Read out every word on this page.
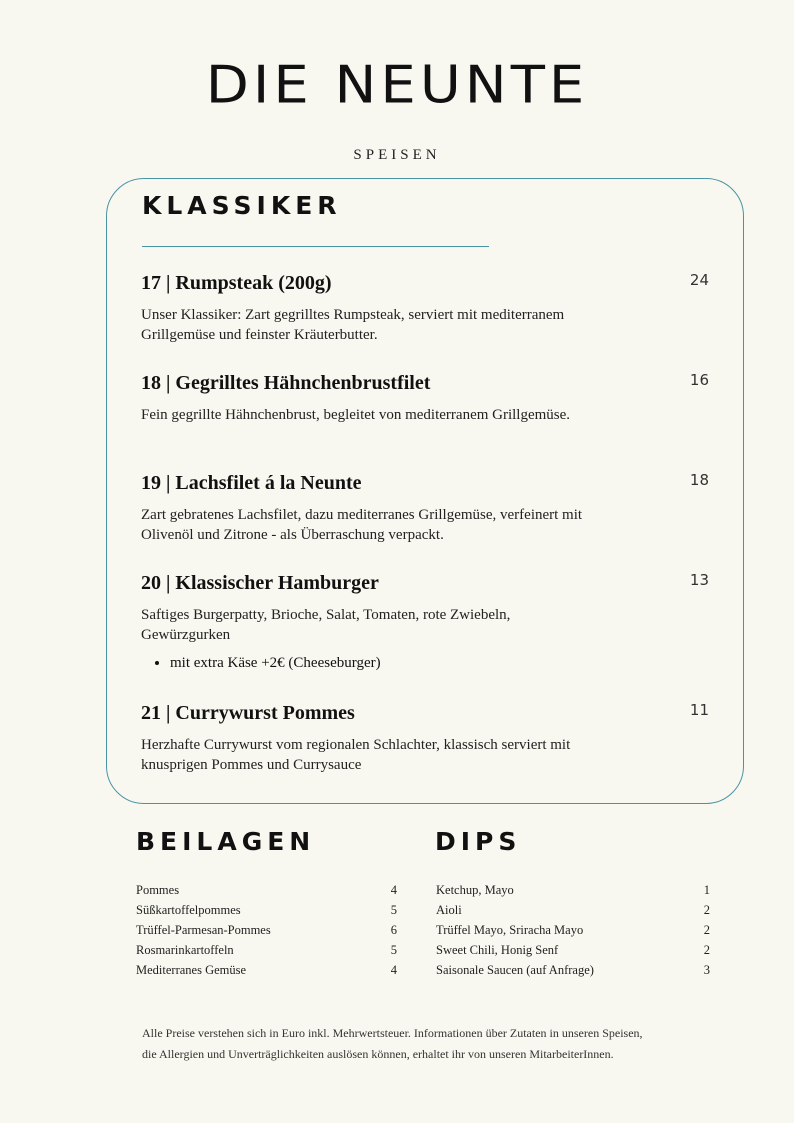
DIE NEUNTE
SPEISEN
KLASSIKER
17 | Rumpsteak (200g)	24

Unser Klassiker: Zart gegrilltes Rumpsteak, serviert mit mediterranem Grillgemüse und feinster Kräuterbutter.

18 | Gegrilltes Hähnchenbrustfilet	16

Fein gegrillte Hähnchenbrust, begleitet von mediterranem Grillgemüse.

19 | Lachsfilet á la Neunte	18

Zart gebratenes Lachsfilet, dazu mediterranes Grillgemüse, verfeinert mit Olivenöl und Zitrone - als Überraschung verpackt.

20 | Klassischer Hamburger	13

Saftiges Burgerpatty, Brioche, Salat, Tomaten, rote Zwiebeln, Gewürzgurken

• mit extra Käse +2€ (Cheeseburger)
21 | Currywurst Pommes	11

Herzhafte Currywurst vom regionalen Schlachter, klassisch serviert mit knusprigen Pommes und Currysauce

BEILAGEN	DIPS
Pommes	4
Süßkartoffelpommes	5
Trüffel-Parmesan-Pommes	6
Rosmarinkartoffeln	5
Mediterranes Gemüse	4
Ketchup, Mayo	1
Aioli	2
Trüffel Mayo, Sriracha Mayo	2
Sweet Chili, Honig Senf	2
Saisonale Saucen (auf Anfrage)	3

Alle Preise verstehen sich in Euro inkl. Mehrwertsteuer. Informationen über Zutaten in unseren Speisen,
die Allergien und Unverträglichkeiten auslösen können, erhaltet ihr von unseren MitarbeiterInnen.
